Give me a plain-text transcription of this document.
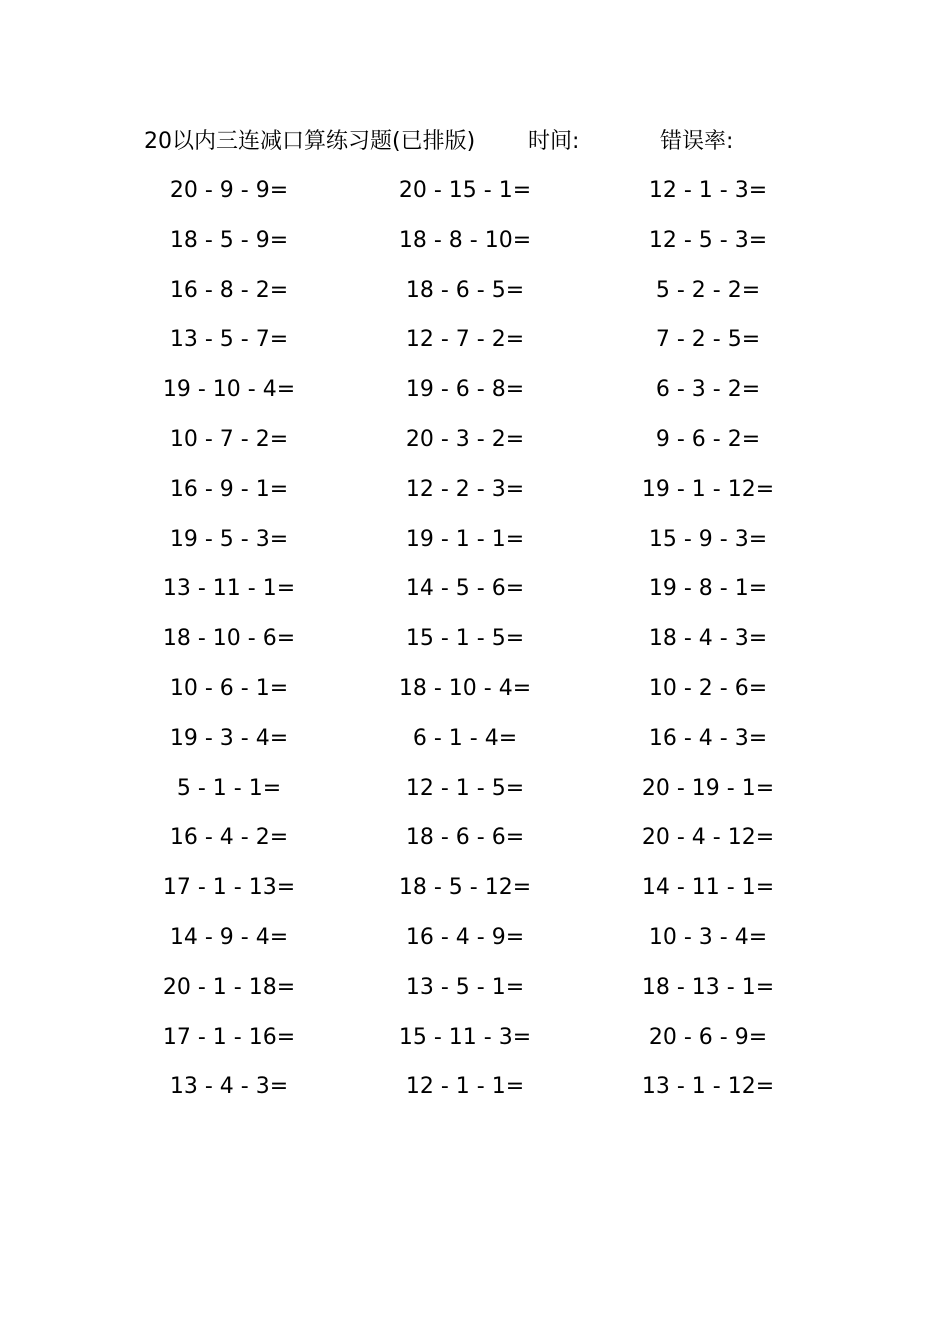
20以内三连减口算练习题(已排版) 时间:	错误率:
20 - 9 - 9=	20 - 15 - 1=	12 - 1 - 3=
18 - 5 - 9=	18 - 8 - 10=	12 - 5 - 3=
16 - 8 - 2=	18 - 6 - 5=	5 - 2 - 2=
13 - 5 - 7=	12 - 7 - 2=	7 - 2 - 5=
19 - 10 - 4=	19 - 6 - 8=	6 - 3 - 2=
10 - 7 - 2=	20 - 3 - 2=	9 - 6 - 2=
16 - 9 - 1=	12 - 2 - 3=	19 - 1 - 12=
19 - 5 - 3=	19 - 1 - 1=	15 - 9 - 3=
13 - 11 - 1=	14 - 5 - 6=	19 - 8 - 1=
18 - 10 - 6=	15 - 1 - 5=	18 - 4 - 3=
10 - 6 - 1=	18 - 10 - 4=	10 - 2 - 6=
19 - 3 - 4=	6 - 1 - 4=	16 - 4 - 3=
5 - 1 - 1=	12 - 1 - 5=	20 - 19 - 1=
16 - 4 - 2=	18 - 6 - 6=	20 - 4 - 12=
17 - 1 - 13=	18 - 5 - 12=	14 - 11 - 1=
14 - 9 - 4=	16 - 4 - 9=	10 - 3 - 4=
20 - 1 - 18=	13 - 5 - 1=	18 - 13 - 1=
17 - 1 - 16=	15 - 11 - 3=	20 - 6 - 9=
13 - 4 - 3=	12 - 1 - 1=	13 - 1 - 12=
